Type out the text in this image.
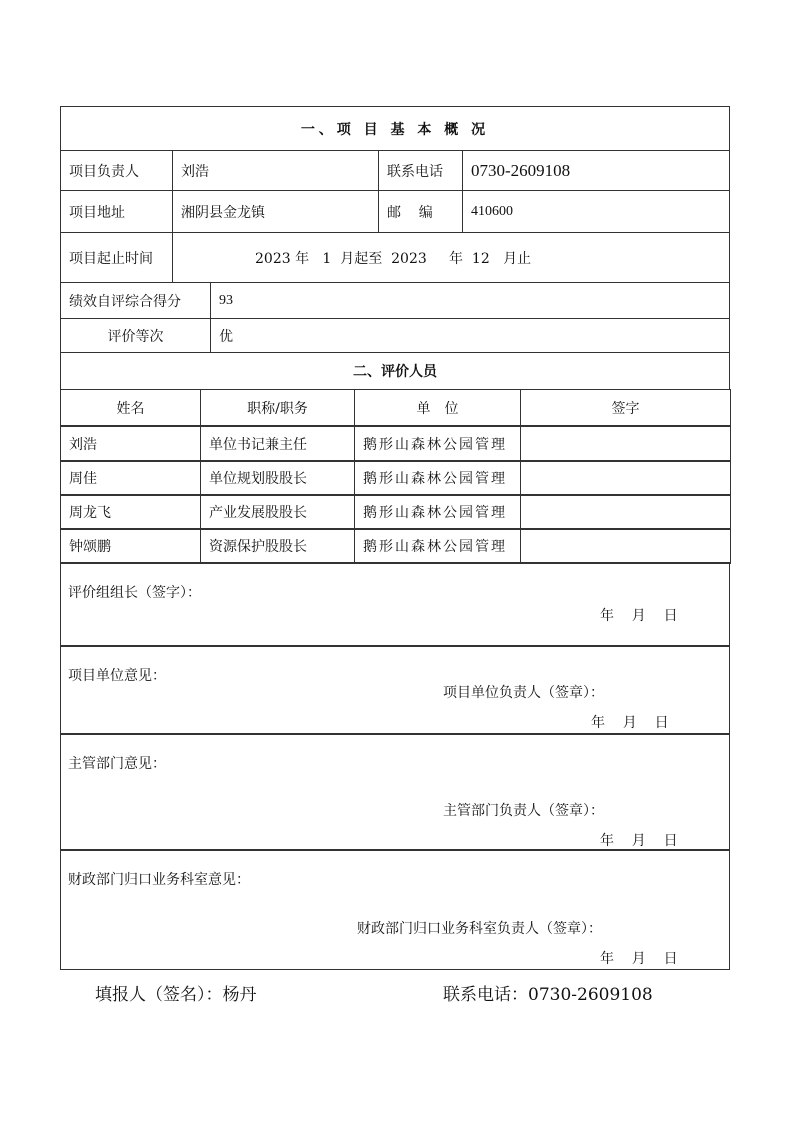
一、项 目 基 本 概 况
项目负责人	刘浩	联系电话	0730-2609108
项目地址	湘阴县金龙镇	邮    编	410600
项目起止时间	2023 年   1  月起至  2023     年  12   月止
绩效自评综合得分	93
评价等次	优
二、评价人员
姓名	职称/职务	单　位	签字
刘浩	单位书记兼主任	鹅形山森林公园管理
周佳	单位规划股股长	鹅形山森林公园管理
周龙飞	产业发展股股长	鹅形山森林公园管理
钟颂鹏	资源保护股股长	鹅形山森林公园管理
评价组组长（签字）：
年    月    日
项目单位意见：
项目单位负责人（签章）：
年    月    日
主管部门意见：
主管部门负责人（签章）：
年    月    日
财政部门归口业务科室意见：
财政部门归口业务科室负责人（签章）：
年    月    日
填报人（签名）：杨丹	联系电话：0730-2609108
